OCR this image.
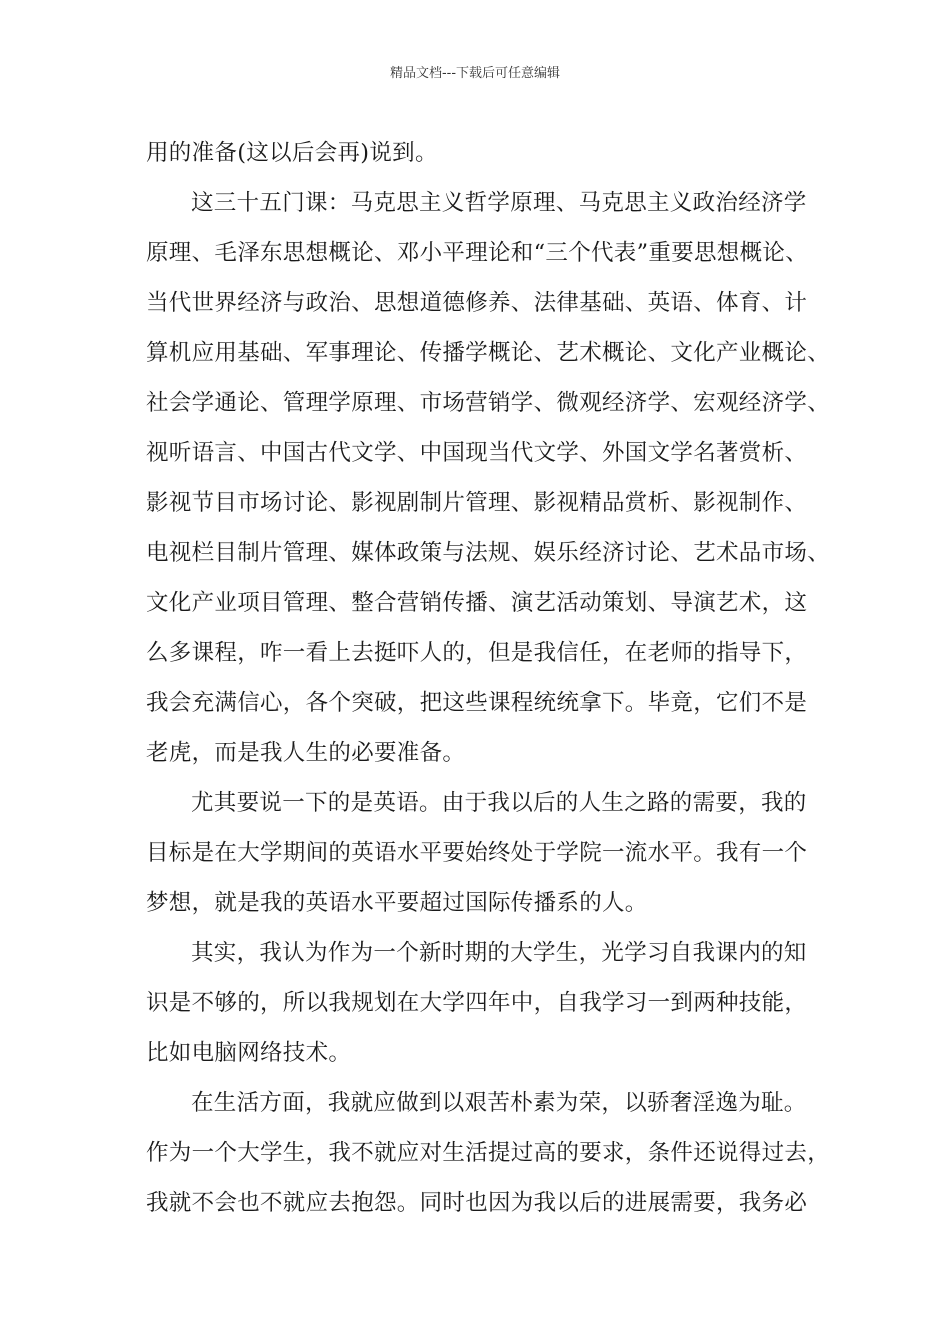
精品文档---下载后可任意编辑
用的准备(这以后会再)说到。
这三十五门课：马克思主义哲学原理、马克思主义政治经济学
原理、毛泽东思想概论、邓小平理论和“三个代表”重要思想概论、
当代世界经济与政治、思想道德修养、法律基础、英语、体育、计
算机应用基础、军事理论、传播学概论、艺术概论、文化产业概论、
社会学通论、管理学原理、市场营销学、微观经济学、宏观经济学、
视听语言、中国古代文学、中国现当代文学、外国文学名著赏析、
影视节目市场讨论、影视剧制片管理、影视精品赏析、影视制作、
电视栏目制片管理、媒体政策与法规、娱乐经济讨论、艺术品市场、
文化产业项目管理、整合营销传播、演艺活动策划、导演艺术，这
么多课程，咋一看上去挺吓人的，但是我信任，在老师的指导下，
我会充满信心，各个突破，把这些课程统统拿下。毕竟，它们不是
老虎，而是我人生的必要准备。
尤其要说一下的是英语。由于我以后的人生之路的需要，我的
目标是在大学期间的英语水平要始终处于学院一流水平。我有一个
梦想，就是我的英语水平要超过国际传播系的人。
其实，我认为作为一个新时期的大学生，光学习自我课内的知
识是不够的，所以我规划在大学四年中，自我学习一到两种技能，
比如电脑网络技术。
在生活方面，我就应做到以艰苦朴素为荣，以骄奢淫逸为耻。
作为一个大学生，我不就应对生活提过高的要求，条件还说得过去，
我就不会也不就应去抱怨。同时也因为我以后的进展需要，我务必
